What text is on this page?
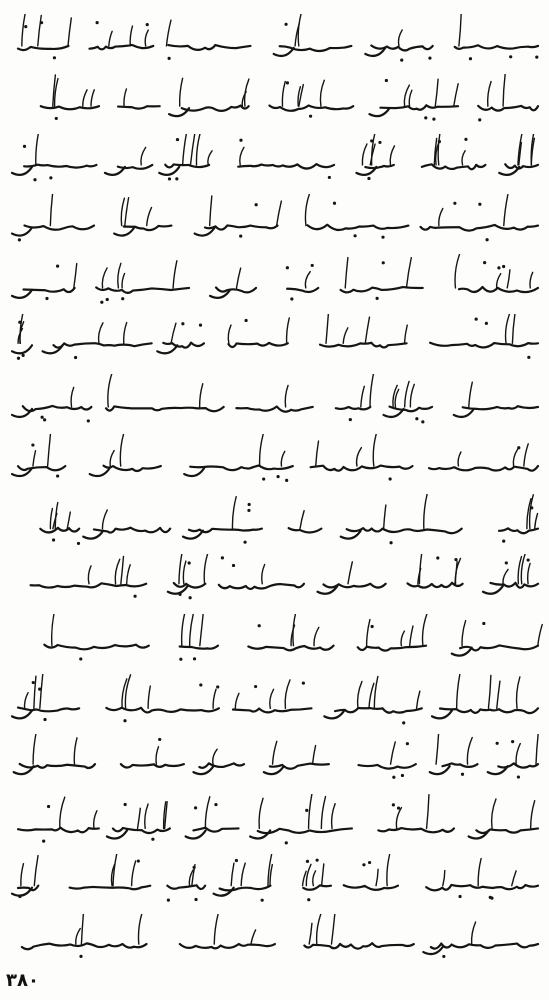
۳۸۰
